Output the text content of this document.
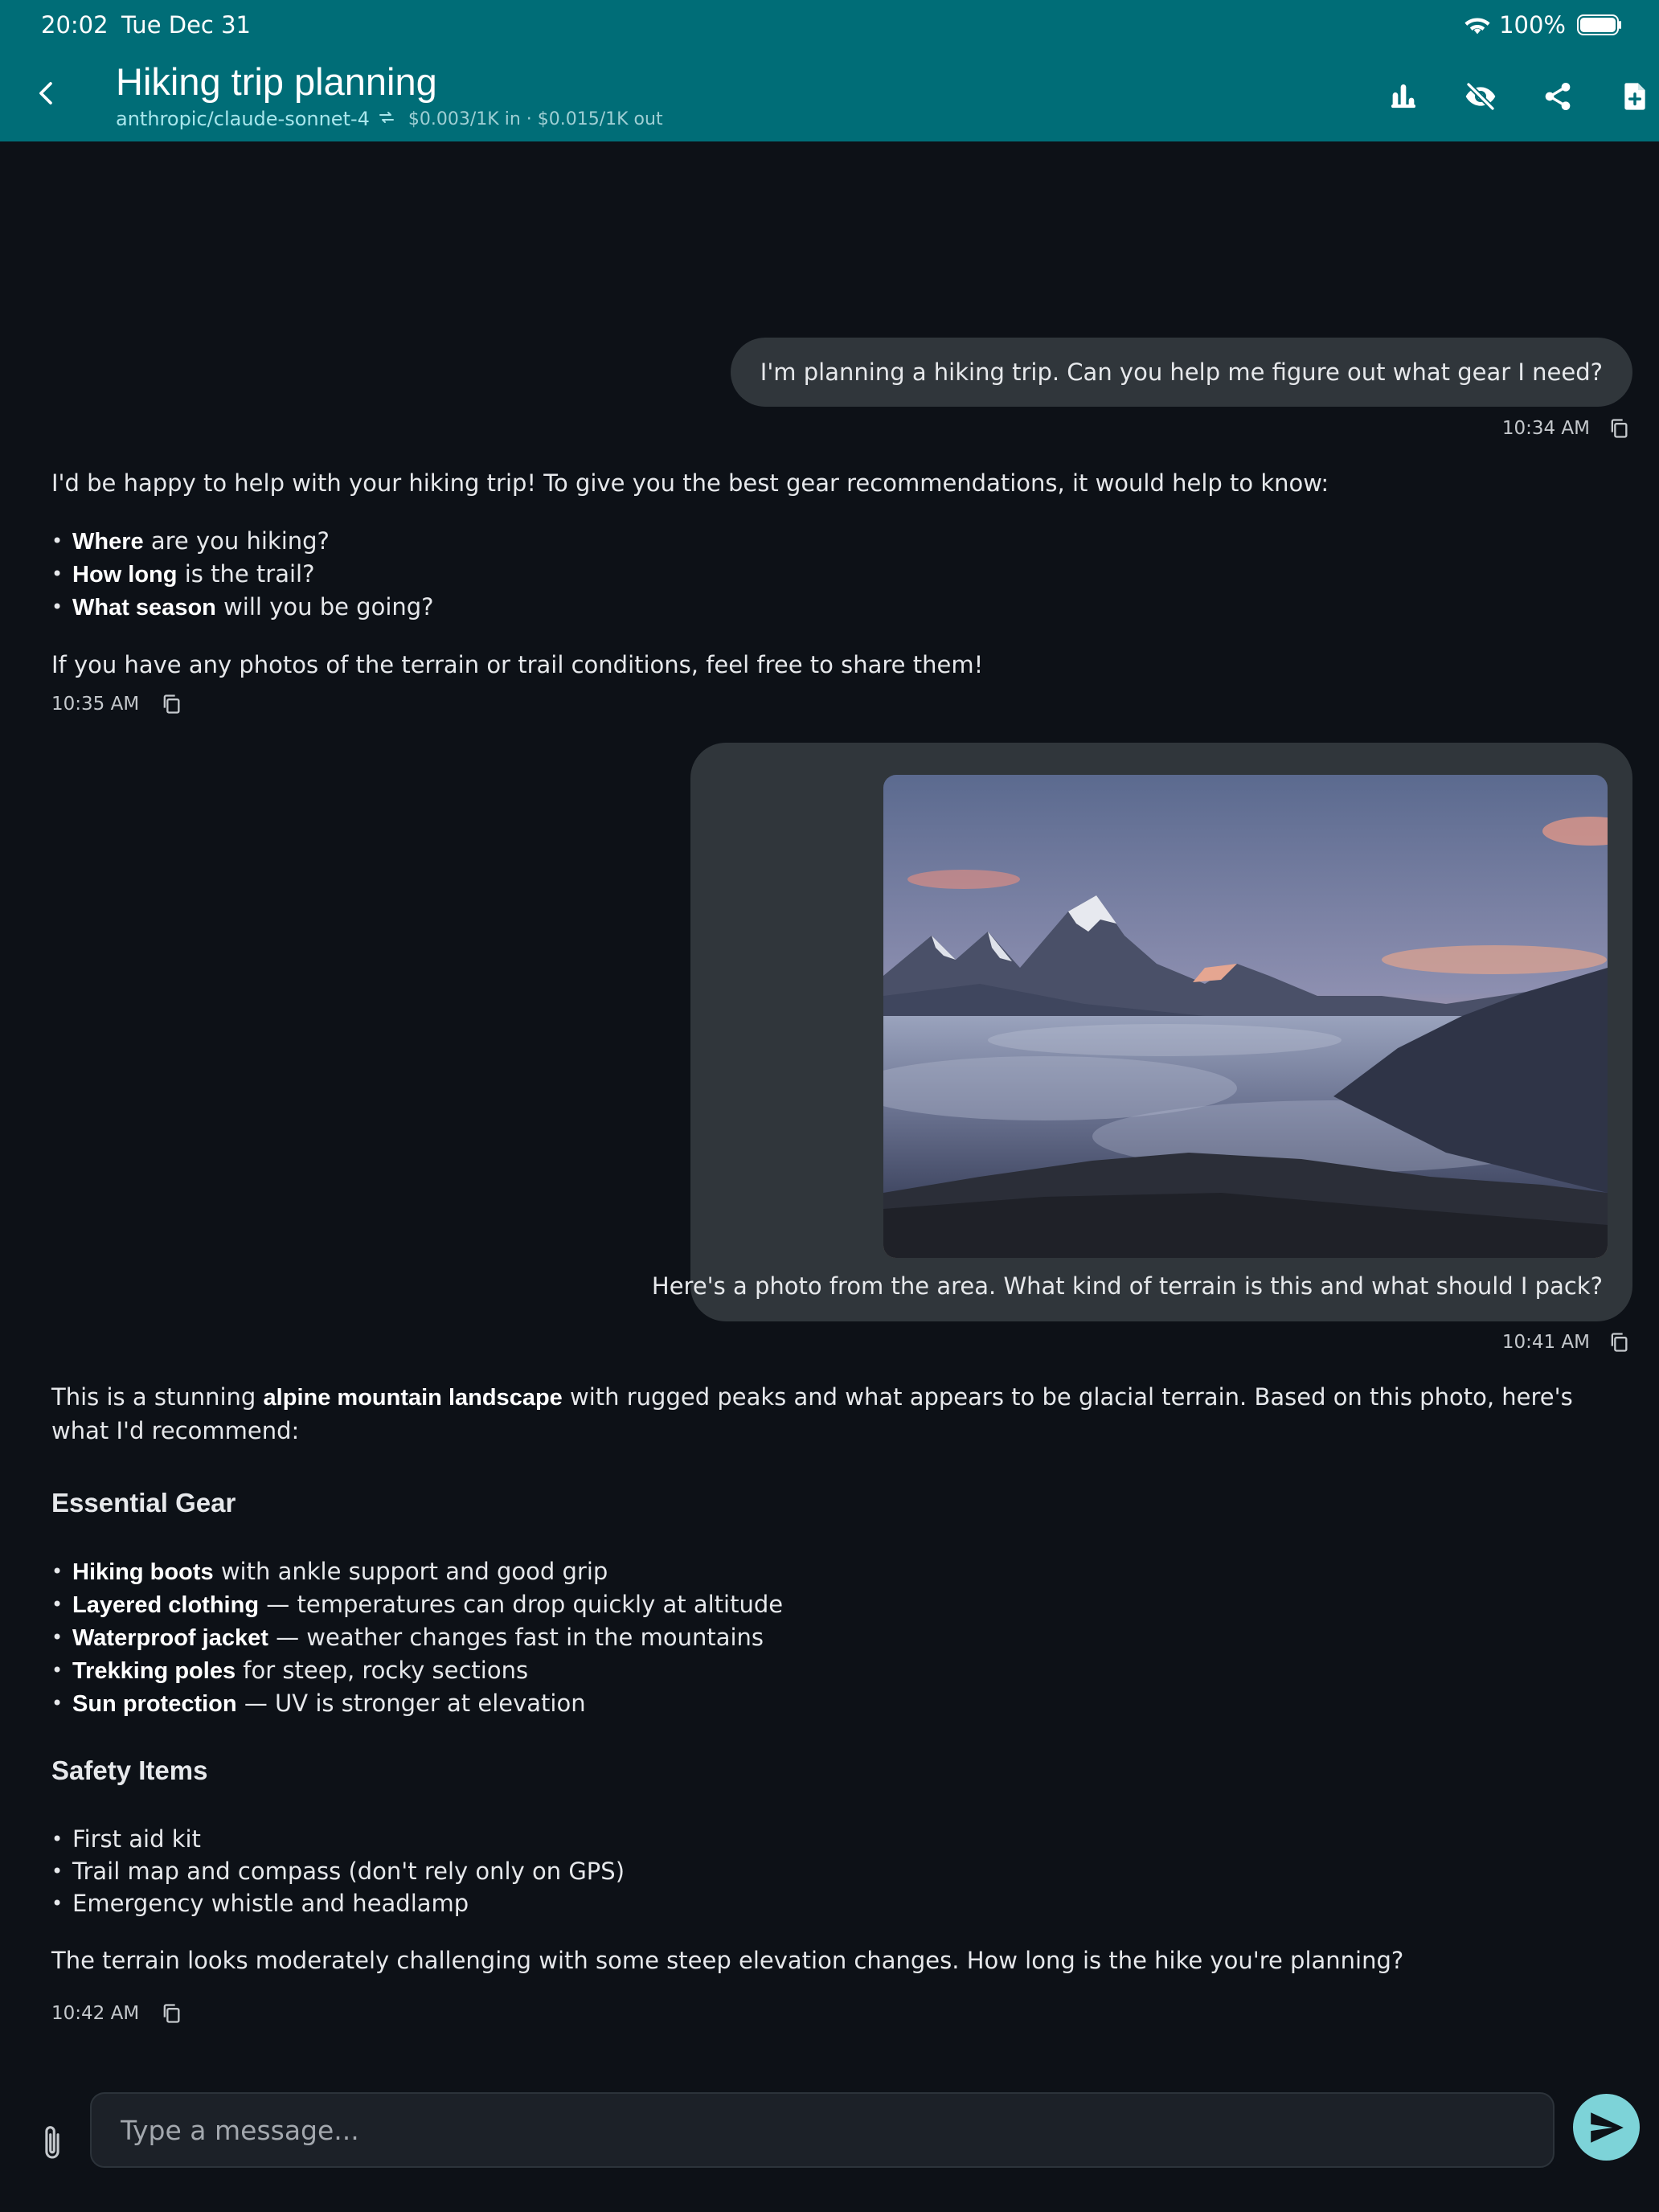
20:02 Tue Dec 31	100%
Hiking trip planning
anthropic/claude-sonnet-4 $0.003/1K in · $0.015/1K out
I'm planning a hiking trip. Can you help me figure out what gear I need?
10:34 AM

I'd be happy to help with your hiking trip! To give you the best gear recommendations, it would help to know:

• Where are you hiking?
• How long is the trail?
• What season will you be going?

If you have any photos of the terrain or trail conditions, feel free to share them!

10:35 AM
Here's a photo from the area. What kind of terrain is this and what should I pack?
10:41 AM

This is a stunning alpine mountain landscape with rugged peaks and what appears to be glacial terrain. Based on this photo, here's what I'd recommend:

Essential Gear
• Hiking boots with ankle support and good grip
• Layered clothing — temperatures can drop quickly at altitude
• Waterproof jacket — weather changes fast in the mountains
• Trekking poles for steep, rocky sections
• Sun protection — UV is stronger at elevation
Safety Items
• First aid kit
• Trail map and compass (don't rely only on GPS)
• Emergency whistle and headlamp

The terrain looks moderately challenging with some steep elevation changes. How long is the hike you're planning?

10:42 AM
Type a message...
